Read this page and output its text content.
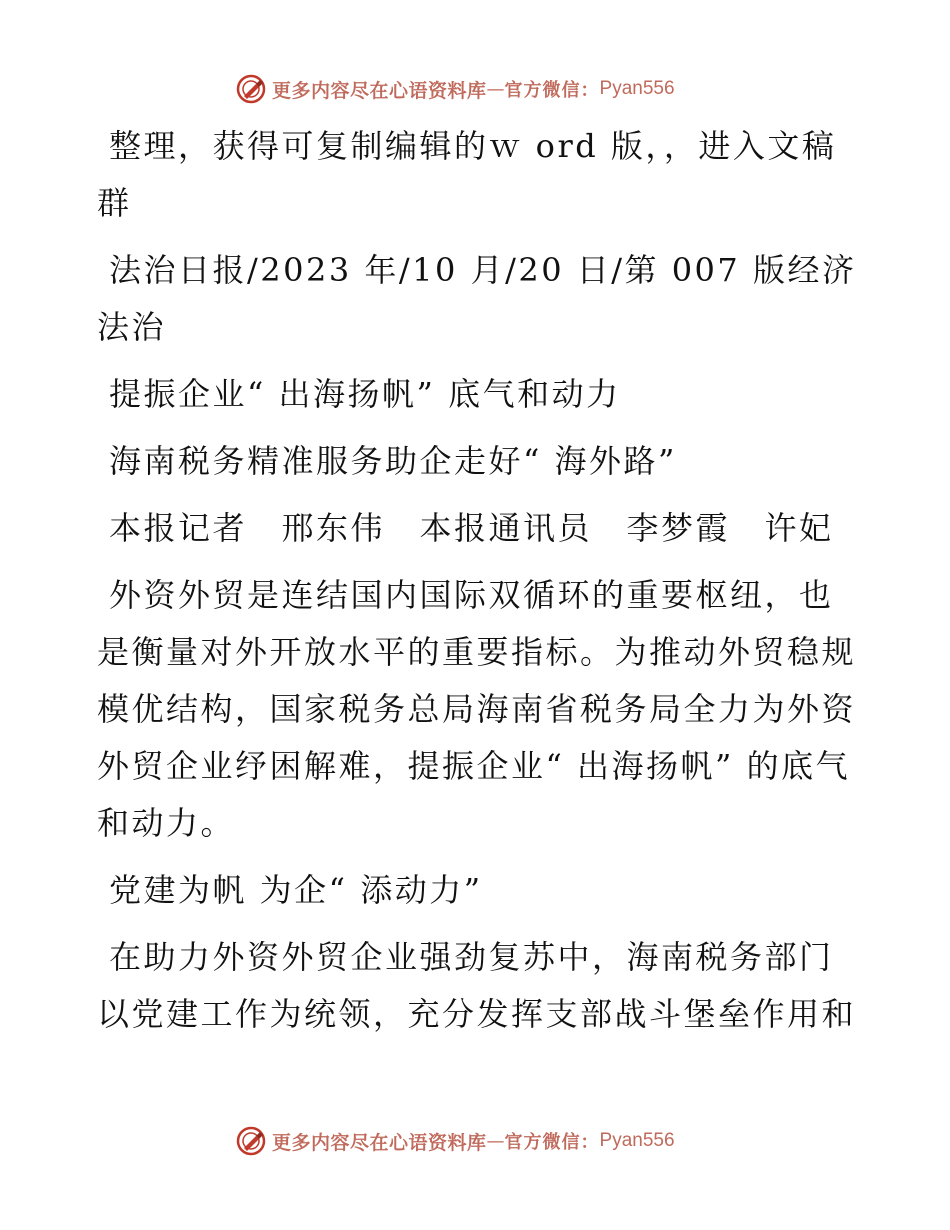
更多内容尽在心语资料库 — 官方微信： Pyan556

整理，获得可复制编辑的ｗ ord 版，，进入文稿群

法治日报/2023 年/10 月/20 日/第 007 版经济法治

提振企业“ 出海扬帆” 底气和动力

海南税务精准服务助企走好“ 海外路”

本报记者　邢东伟　本报通讯员　李梦霞　许妃

外资外贸是连结国内国际双循环的重要枢纽，也是衡量对外开放水平的重要指标。为推动外贸稳规模优结构，国家税务总局海南省税务局全力为外资外贸企业纾困解难，提振企业“ 出海扬帆” 的底气和动力。

党建为帆 为企“ 添动力”

在助力外资外贸企业强劲复苏中，海南税务部门以党建工作为统领，充分发挥支部战斗堡垒作用和

更多内容尽在心语资料库 — 官方微信： Pyan556
